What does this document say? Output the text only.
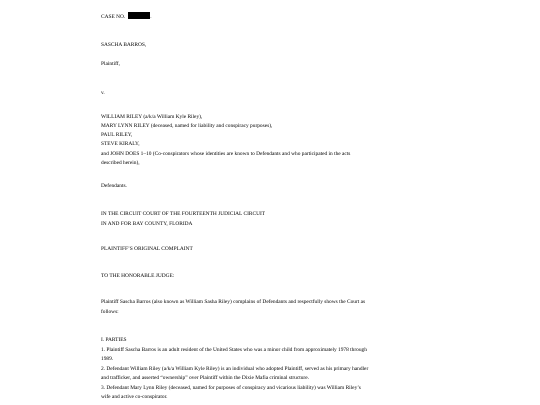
CASE NO.	.
SASCHA BARROS,
Plaintiff,
v.
WILLIAM RILEY (a/k/a William Kyle Riley),
MARY LYNN RILEY (deceased, named for liability and conspiracy purposes),
PAUL RILEY,
STEVE KIRALY,
and JOHN DOES 1–10 (Co-conspirators whose identities are known to Defendants and who participated in the acts
described herein),
Defendants.
IN THE CIRCUIT COURT OF THE FOURTEENTH JUDICIAL CIRCUIT
IN AND FOR BAY COUNTY, FLORIDA
PLAINTIFF’S ORIGINAL COMPLAINT
TO THE HONORABLE JUDGE:
Plaintiff Sascha Barros (also known as William Sasha Riley) complains of Defendants and respectfully shows the Court as
follows:
I. PARTIES
1. Plaintiff Sascha Barros is an adult resident of the United States who was a minor child from approximately 1978 through
1989.
2. Defendant William Riley (a/k/a William Kyle Riley) is an individual who adopted Plaintiff, served as his primary handler
and trafficker, and asserted “ownership” over Plaintiff within the Dixie Mafia criminal structure.
3. Defendant Mary Lynn Riley (deceased, named for purposes of conspiracy and vicarious liability) was William Riley’s
wife and active co-conspirator.
